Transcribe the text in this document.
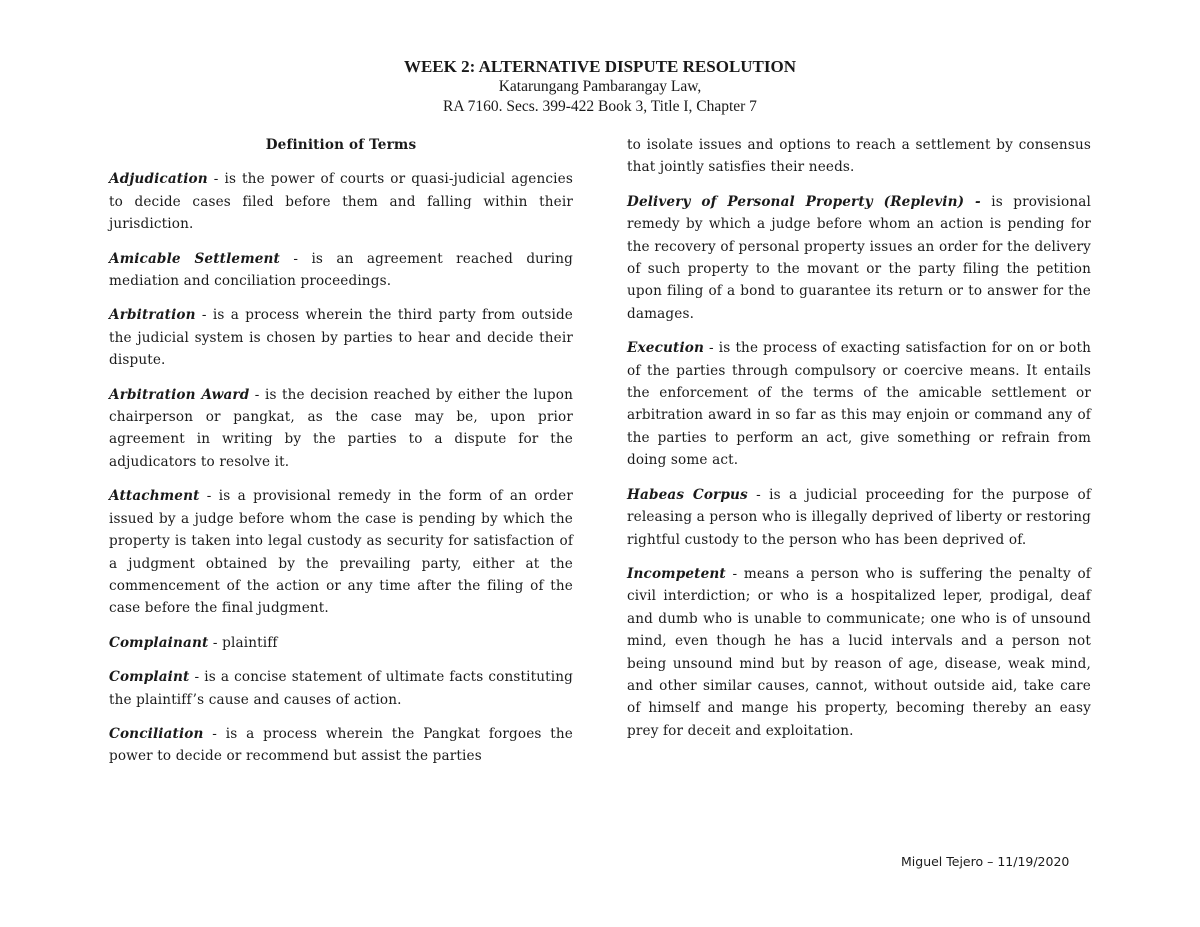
WEEK 2: ALTERNATIVE DISPUTE RESOLUTION
Katarungang Pambarangay Law,
RA 7160. Secs. 399-422 Book 3, Title I, Chapter 7
Definition of Terms
Adjudication - is the power of courts or quasi-judicial agencies to decide cases filed before them and falling within their jurisdiction.
Amicable Settlement - is an agreement reached during mediation and conciliation proceedings.
Arbitration - is a process wherein the third party from outside the judicial system is chosen by parties to hear and decide their dispute.
Arbitration Award - is the decision reached by either the lupon chairperson or pangkat, as the case may be, upon prior agreement in writing by the parties to a dispute for the adjudicators to resolve it.
Attachment - is a provisional remedy in the form of an order issued by a judge before whom the case is pending by which the property is taken into legal custody as security for satisfaction of a judgment obtained by the prevailing party, either at the commencement of the action or any time after the filing of the case before the final judgment.
Complainant - plaintiff
Complaint - is a concise statement of ultimate facts constituting the plaintiff’s cause and causes of action.
Conciliation - is a process wherein the Pangkat forgoes the power to decide or recommend but assist the parties
to isolate issues and options to reach a settlement by consensus that jointly satisfies their needs.
Delivery of Personal Property (Replevin) - is provisional remedy by which a judge before whom an action is pending for the recovery of personal property issues an order for the delivery of such property to the movant or the party filing the petition upon filing of a bond to guarantee its return or to answer for the damages.
Execution - is the process of exacting satisfaction for on or both of the parties through compulsory or coercive means. It entails the enforcement of the terms of the amicable settlement or arbitration award in so far as this may enjoin or command any of the parties to perform an act, give something or refrain from doing some act.
Habeas Corpus - is a judicial proceeding for the purpose of releasing a person who is illegally deprived of liberty or restoring rightful custody to the person who has been deprived of.
Incompetent - means a person who is suffering the penalty of civil interdiction; or who is a hospitalized leper, prodigal, deaf and dumb who is unable to communicate; one who is of unsound mind, even though he has a lucid intervals and a person not being unsound mind but by reason of age, disease, weak mind, and other similar causes, cannot, without outside aid, take care of himself and mange his property, becoming thereby an easy prey for deceit and exploitation.
Miguel Tejero – 11/19/2020
